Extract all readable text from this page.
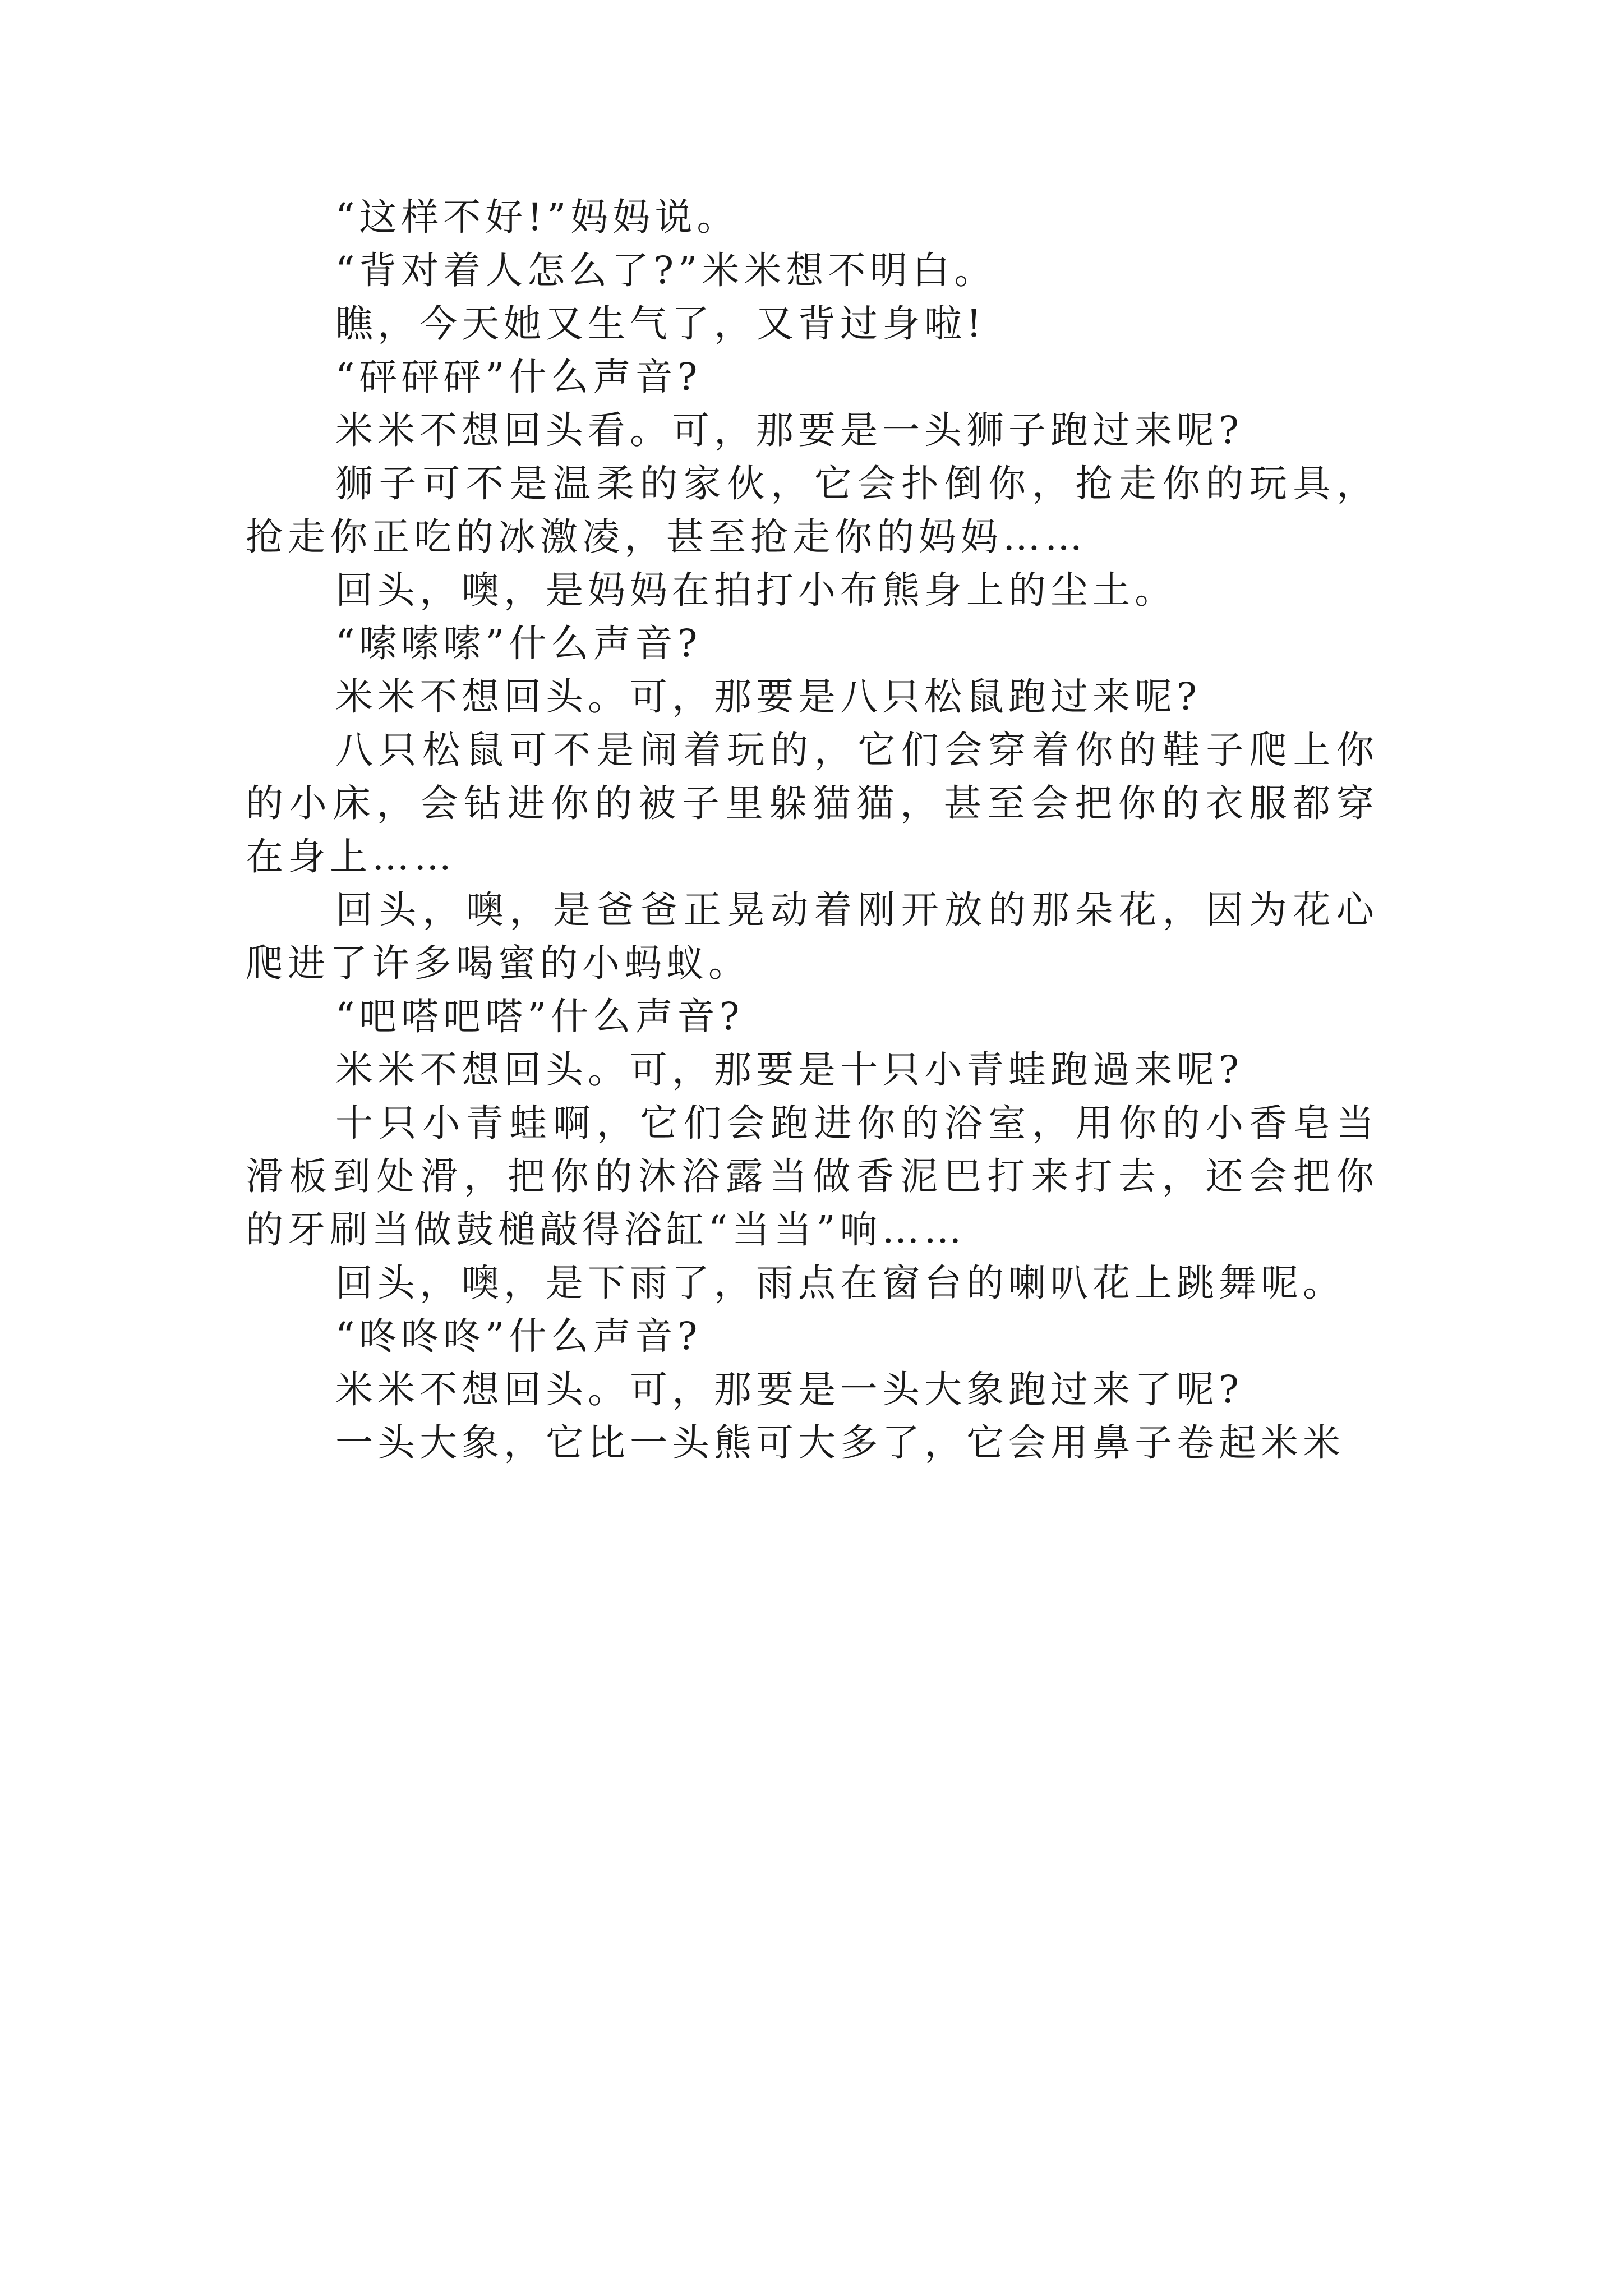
“这样不好!”妈妈说。

“背对着人怎么了?”米米想不明白。

瞧，今天她又生气了，又背过身啦!

“砰砰砰”什么声音?

米米不想回头看。可，那要是一头狮子跑过来呢?

狮子可不是温柔的家伙，它会扑倒你，抢走你的玩具，抢走你正吃的冰激凌，甚至抢走你的妈妈……

回头，噢，是妈妈在拍打小布熊身上的尘土。

“嗦嗦嗦”什么声音?

米米不想回头。可，那要是八只松鼠跑过来呢?

八只松鼠可不是闹着玩的，它们会穿着你的鞋子爬上你的小床，会钻进你的被子里躲猫猫，甚至会把你的衣服都穿在身上……

回头，噢，是爸爸正晃动着刚开放的那朵花，因为花心爬进了许多喝蜜的小蚂蚁。

“吧嗒吧嗒”什么声音?

米米不想回头。可，那要是十只小青蛙跑過来呢?

十只小青蛙啊，它们会跑进你的浴室，用你的小香皂当滑板到处滑，把你的沐浴露当做香泥巴打来打去，还会把你的牙刷当做鼓槌敲得浴缸“当当”响……

回头，噢，是下雨了，雨点在窗台的喇叭花上跳舞呢。

“咚咚咚”什么声音?

米米不想回头。可，那要是一头大象跑过来了呢?

一头大象，它比一头熊可大多了，它会用鼻子卷起米米
